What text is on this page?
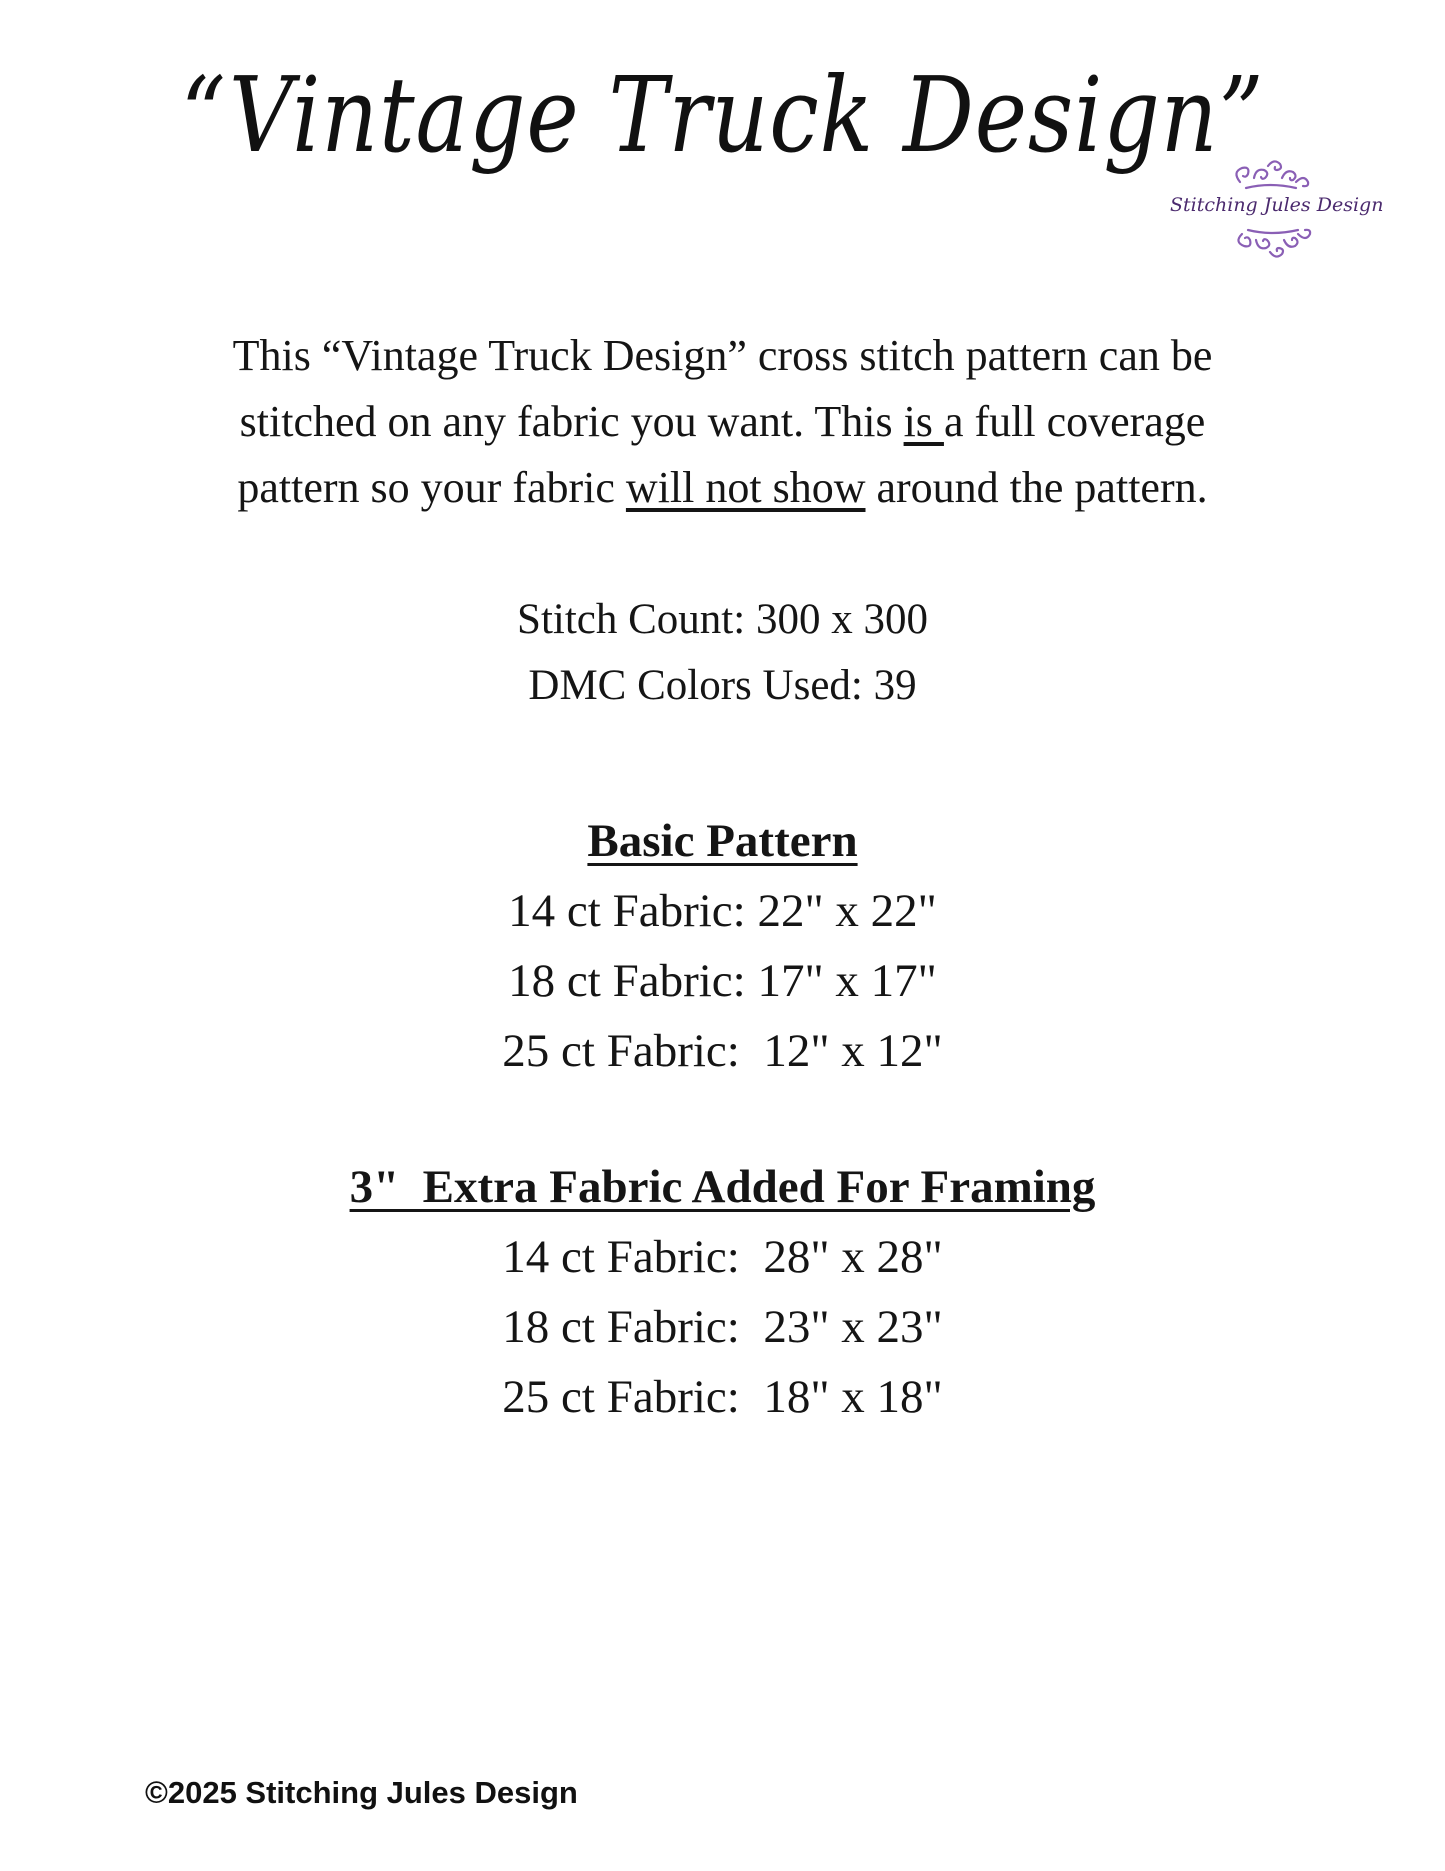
“Vintage Truck Design”
Stitching Jules Design
This “Vintage Truck Design” cross stitch pattern can be
stitched on any fabric you want. This is a full coverage
pattern so your fabric will not show around the pattern.
Stitch Count: 300 x 300
DMC Colors Used: 39
Basic Pattern
14 ct Fabric: 22" x 22"
18 ct Fabric: 17" x 17"
25 ct Fabric:  12" x 12"
3"  Extra Fabric Added For Framing
14 ct Fabric:  28" x 28"
18 ct Fabric:  23" x 23"
25 ct Fabric:  18" x 18"
©2025 Stitching Jules Design
